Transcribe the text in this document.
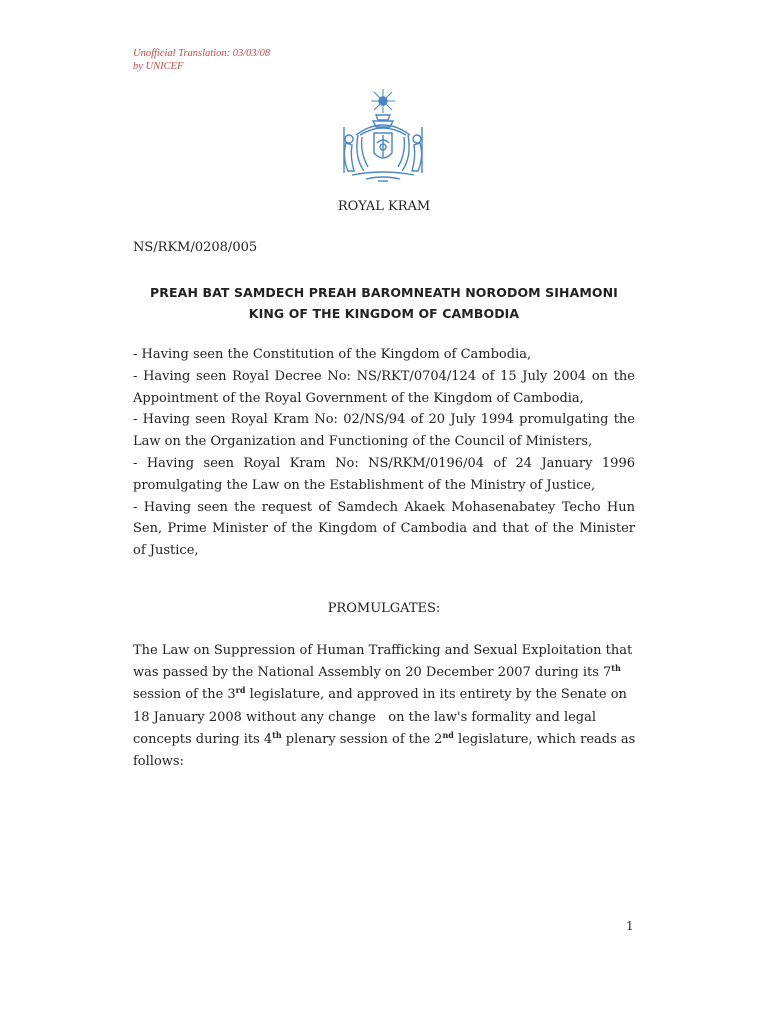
Unofficial Translation: 03/03/08
by UNICEF
ROYAL KRAM
NS/RKM/0208/005
PREAH BAT SAMDECH PREAH BAROMNEATH NORODOM SIHAMONI
KING OF THE KINGDOM OF CAMBODIA

- Having seen the Constitution of the Kingdom of Cambodia,

- Having seen Royal Decree No: NS/RKT/0704/124 of 15 July 2004 on the Appointment of the Royal Government of the Kingdom of Cambodia,

- Having seen Royal Kram No: 02/NS/94 of 20 July 1994 promulgating the Law on the Organization and Functioning of the Council of Ministers,

- Having seen Royal Kram No: NS/RKM/0196/04 of 24 January 1996 promulgating the Law on the Establishment of the Ministry of Justice,

- Having seen the request of Samdech Akaek Mohasenabatey Techo Hun Sen, Prime Minister of the Kingdom of Cambodia and that of the Minister of Justice,

PROMULGATES:
The Law on Suppression of Human Trafficking and Sexual Exploitation that
was passed by the National Assembly on 20 December 2007 during its 7th
session of the 3rd legislature, and approved in its entirety by the Senate on
18 January 2008 without any change   on the law's formality and legal
concepts during its 4th plenary session of the 2nd legislature, which reads as
follows:
1
